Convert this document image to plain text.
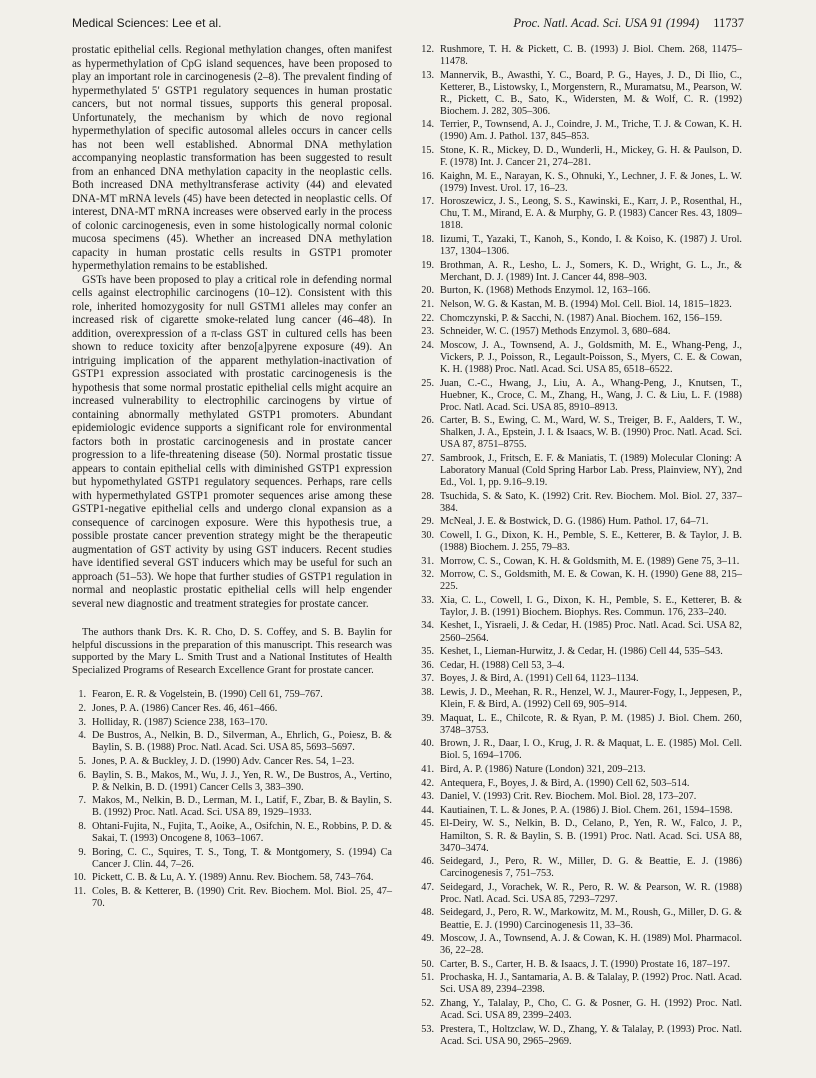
Medical Sciences: Lee et al.	Proc. Natl. Acad. Sci. USA 91 (1994) 11737

prostatic epithelial cells. Regional methylation changes, often manifest as hypermethylation of CpG island sequences, have been proposed to play an important role in carcinogenesis (2–8). The prevalent finding of hypermethylated 5′ GSTP1 regulatory sequences in human prostatic cancers, but not normal tissues, supports this general proposal. Unfortunately, the mechanism by which de novo regional hypermethylation of specific autosomal alleles occurs in cancer cells has not been well established. Abnormal DNA methylation accompanying neoplastic transformation has been suggested to result from an enhanced DNA methylation capacity in the neoplastic cells. Both increased DNA methyltransferase activity (44) and elevated DNA-MT mRNA levels (45) have been detected in neoplastic cells. Of interest, DNA-MT mRNA increases were observed early in the process of colonic carcinogenesis, even in some histologically normal colonic mucosa specimens (45). Whether an increased DNA methylation capacity in human prostatic cells results in GSTP1 promoter hypermethylation remains to be established.

GSTs have been proposed to play a critical role in defending normal cells against electrophilic carcinogens (10–12). Consistent with this role, inherited homozygosity for null GSTM1 alleles may confer an increased risk of cigarette smoke-related lung cancer (46–48). In addition, overexpression of a π-class GST in cultured cells has been shown to reduce toxicity after benzo[a]pyrene exposure (49). An intriguing implication of the apparent methylation-inactivation of GSTP1 expression associated with prostatic carcinogenesis is the hypothesis that some normal prostatic epithelial cells might acquire an increased vulnerability to electrophilic carcinogens by virtue of containing abnormally methylated GSTP1 promoters. Abundant epidemiologic evidence supports a significant role for environmental factors both in prostatic carcinogenesis and in prostate cancer progression to a life-threatening disease (50). Normal prostatic tissue appears to contain epithelial cells with diminished GSTP1 expression but hypomethylated GSTP1 regulatory sequences. Perhaps, rare cells with hypermethylated GSTP1 promoter sequences arise among these GSTP1-negative epithelial cells and undergo clonal expansion as a consequence of carcinogen exposure. Were this hypothesis true, a possible prostate cancer prevention strategy might be the therapeutic augmentation of GST activity by using GST inducers. Recent studies have identified several GST inducers which may be useful for such an approach (51–53). We hope that further studies of GSTP1 regulation in normal and neoplastic prostatic epithelial cells will help engender several new diagnostic and treatment strategies for prostate cancer.

The authors thank Drs. K. R. Cho, D. S. Coffey, and S. B. Baylin for helpful discussions in the preparation of this manuscript. This research was supported by the Mary L. Smith Trust and a National Institutes of Health Specialized Programs of Research Excellence Grant for prostate cancer.

1. Fearon, E. R. & Vogelstein, B. (1990) Cell 61, 759–767.
2. Jones, P. A. (1986) Cancer Res. 46, 461–466.
3. Holliday, R. (1987) Science 238, 163–170.
4. De Bustros, A., Nelkin, B. D., Silverman, A., Ehrlich, G., Poiesz, B. & Baylin, S. B. (1988) Proc. Natl. Acad. Sci. USA 85, 5693–5697.
5. Jones, P. A. & Buckley, J. D. (1990) Adv. Cancer Res. 54, 1–23.
6. Baylin, S. B., Makos, M., Wu, J. J., Yen, R. W., De Bustros, A., Vertino, P. & Nelkin, B. D. (1991) Cancer Cells 3, 383–390.
7. Makos, M., Nelkin, B. D., Lerman, M. I., Latif, F., Zbar, B. & Baylin, S. B. (1992) Proc. Natl. Acad. Sci. USA 89, 1929–1933.
8. Ohtani-Fujita, N., Fujita, T., Aoike, A., Osifchin, N. E., Robbins, P. D. & Sakai, T. (1993) Oncogene 8, 1063–1067.
9. Boring, C. C., Squires, T. S., Tong, T. & Montgomery, S. (1994) Ca Cancer J. Clin. 44, 7–26.
10. Pickett, C. B. & Lu, A. Y. (1989) Annu. Rev. Biochem. 58, 743–764.
11. Coles, B. & Ketterer, B. (1990) Crit. Rev. Biochem. Mol. Biol. 25, 47–70.
12. Rushmore, T. H. & Pickett, C. B. (1993) J. Biol. Chem. 268, 11475–11478.
13. Mannervik, B., Awasthi, Y. C., Board, P. G., Hayes, J. D., Di Ilio, C., Ketterer, B., Listowsky, I., Morgenstern, R., Muramatsu, M., Pearson, W. R., Pickett, C. B., Sato, K., Widersten, M. & Wolf, C. R. (1992) Biochem. J. 282, 305–306.
14. Terrier, P., Townsend, A. J., Coindre, J. M., Triche, T. J. & Cowan, K. H. (1990) Am. J. Pathol. 137, 845–853.
15. Stone, K. R., Mickey, D. D., Wunderli, H., Mickey, G. H. & Paulson, D. F. (1978) Int. J. Cancer 21, 274–281.
16. Kaighn, M. E., Narayan, K. S., Ohnuki, Y., Lechner, J. F. & Jones, L. W. (1979) Invest. Urol. 17, 16–23.
17. Horoszewicz, J. S., Leong, S. S., Kawinski, E., Karr, J. P., Rosenthal, H., Chu, T. M., Mirand, E. A. & Murphy, G. P. (1983) Cancer Res. 43, 1809–1818.
18. Iizumi, T., Yazaki, T., Kanoh, S., Kondo, I. & Koiso, K. (1987) J. Urol. 137, 1304–1306.
19. Brothman, A. R., Lesho, L. J., Somers, K. D., Wright, G. L., Jr., & Merchant, D. J. (1989) Int. J. Cancer 44, 898–903.
20. Burton, K. (1968) Methods Enzymol. 12, 163–166.
21. Nelson, W. G. & Kastan, M. B. (1994) Mol. Cell. Biol. 14, 1815–1823.
22. Chomczynski, P. & Sacchi, N. (1987) Anal. Biochem. 162, 156–159.
23. Schneider, W. C. (1957) Methods Enzymol. 3, 680–684.
24. Moscow, J. A., Townsend, A. J., Goldsmith, M. E., Whang-Peng, J., Vickers, P. J., Poisson, R., Legault-Poisson, S., Myers, C. E. & Cowan, K. H. (1988) Proc. Natl. Acad. Sci. USA 85, 6518–6522.
25. Juan, C.-C., Hwang, J., Liu, A. A., Whang-Peng, J., Knutsen, T., Huebner, K., Croce, C. M., Zhang, H., Wang, J. C. & Liu, L. F. (1988) Proc. Natl. Acad. Sci. USA 85, 8910–8913.
26. Carter, B. S., Ewing, C. M., Ward, W. S., Treiger, B. F., Aalders, T. W., Shalken, J. A., Epstein, J. I. & Isaacs, W. B. (1990) Proc. Natl. Acad. Sci. USA 87, 8751–8755.
27. Sambrook, J., Fritsch, E. F. & Maniatis, T. (1989) Molecular Cloning: A Laboratory Manual (Cold Spring Harbor Lab. Press, Plainview, NY), 2nd Ed., Vol. 1, pp. 9.16–9.19.
28. Tsuchida, S. & Sato, K. (1992) Crit. Rev. Biochem. Mol. Biol. 27, 337–384.
29. McNeal, J. E. & Bostwick, D. G. (1986) Hum. Pathol. 17, 64–71.
30. Cowell, I. G., Dixon, K. H., Pemble, S. E., Ketterer, B. & Taylor, J. B. (1988) Biochem. J. 255, 79–83.
31. Morrow, C. S., Cowan, K. H. & Goldsmith, M. E. (1989) Gene 75, 3–11.
32. Morrow, C. S., Goldsmith, M. E. & Cowan, K. H. (1990) Gene 88, 215–225.
33. Xia, C. L., Cowell, I. G., Dixon, K. H., Pemble, S. E., Ketterer, B. & Taylor, J. B. (1991) Biochem. Biophys. Res. Commun. 176, 233–240.
34. Keshet, I., Yisraeli, J. & Cedar, H. (1985) Proc. Natl. Acad. Sci. USA 82, 2560–2564.
35. Keshet, I., Lieman-Hurwitz, J. & Cedar, H. (1986) Cell 44, 535–543.
36. Cedar, H. (1988) Cell 53, 3–4.
37. Boyes, J. & Bird, A. (1991) Cell 64, 1123–1134.
38. Lewis, J. D., Meehan, R. R., Henzel, W. J., Maurer-Fogy, I., Jeppesen, P., Klein, F. & Bird, A. (1992) Cell 69, 905–914.
39. Maquat, L. E., Chilcote, R. & Ryan, P. M. (1985) J. Biol. Chem. 260, 3748–3753.
40. Brown, J. R., Daar, I. O., Krug, J. R. & Maquat, L. E. (1985) Mol. Cell. Biol. 5, 1694–1706.
41. Bird, A. P. (1986) Nature (London) 321, 209–213.
42. Antequera, F., Boyes, J. & Bird, A. (1990) Cell 62, 503–514.
43. Daniel, V. (1993) Crit. Rev. Biochem. Mol. Biol. 28, 173–207.
44. Kautiainen, T. L. & Jones, P. A. (1986) J. Biol. Chem. 261, 1594–1598.
45. El-Deiry, W. S., Nelkin, B. D., Celano, P., Yen, R. W., Falco, J. P., Hamilton, S. R. & Baylin, S. B. (1991) Proc. Natl. Acad. Sci. USA 88, 3470–3474.
46. Seidegard, J., Pero, R. W., Miller, D. G. & Beattie, E. J. (1986) Carcinogenesis 7, 751–753.
47. Seidegard, J., Vorachek, W. R., Pero, R. W. & Pearson, W. R. (1988) Proc. Natl. Acad. Sci. USA 85, 7293–7297.
48. Seidegard, J., Pero, R. W., Markowitz, M. M., Roush, G., Miller, D. G. & Beattie, E. J. (1990) Carcinogenesis 11, 33–36.
49. Moscow, J. A., Townsend, A. J. & Cowan, K. H. (1989) Mol. Pharmacol. 36, 22–28.
50. Carter, B. S., Carter, H. B. & Isaacs, J. T. (1990) Prostate 16, 187–197.
51. Prochaska, H. J., Santamaria, A. B. & Talalay, P. (1992) Proc. Natl. Acad. Sci. USA 89, 2394–2398.
52. Zhang, Y., Talalay, P., Cho, C. G. & Posner, G. H. (1992) Proc. Natl. Acad. Sci. USA 89, 2399–2403.
53. Prestera, T., Holtzclaw, W. D., Zhang, Y. & Talalay, P. (1993) Proc. Natl. Acad. Sci. USA 90, 2965–2969.
